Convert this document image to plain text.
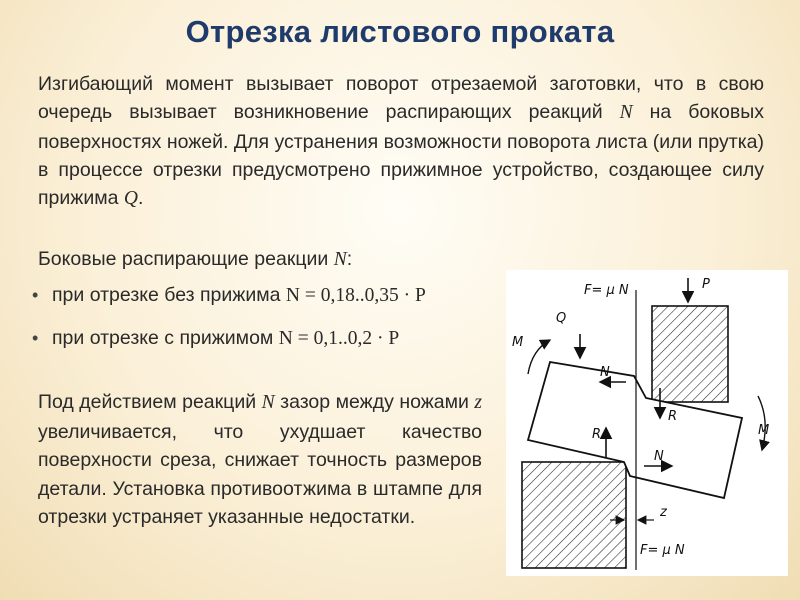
Отрезка листового проката

Изгибающий момент вызывает поворот отрезаемой заготовки, что в свою очередь вызывает возникновение распирающих реакций N на боковых поверхностях ножей. Для устранения возможности поворота листа (или прутка) в процессе отрезки предусмотрено прижимное устройство, создающее силу прижима Q.

Боковые распирающие реакции N:

• при отрезке без прижима N = 0,18..0,35 · P
• при отрезке с прижимом N = 0,1..0,2 · P

Под действием реакций N зазор между ножами z увеличивается, что ухудшает качество поверхности среза, снижает точность размеров детали. Установка противоотжима в штампе для отрезки устраняет указанные недостатки.

P
F= μ N
Q
M
N
R
M
R
N
z
F= μ N
